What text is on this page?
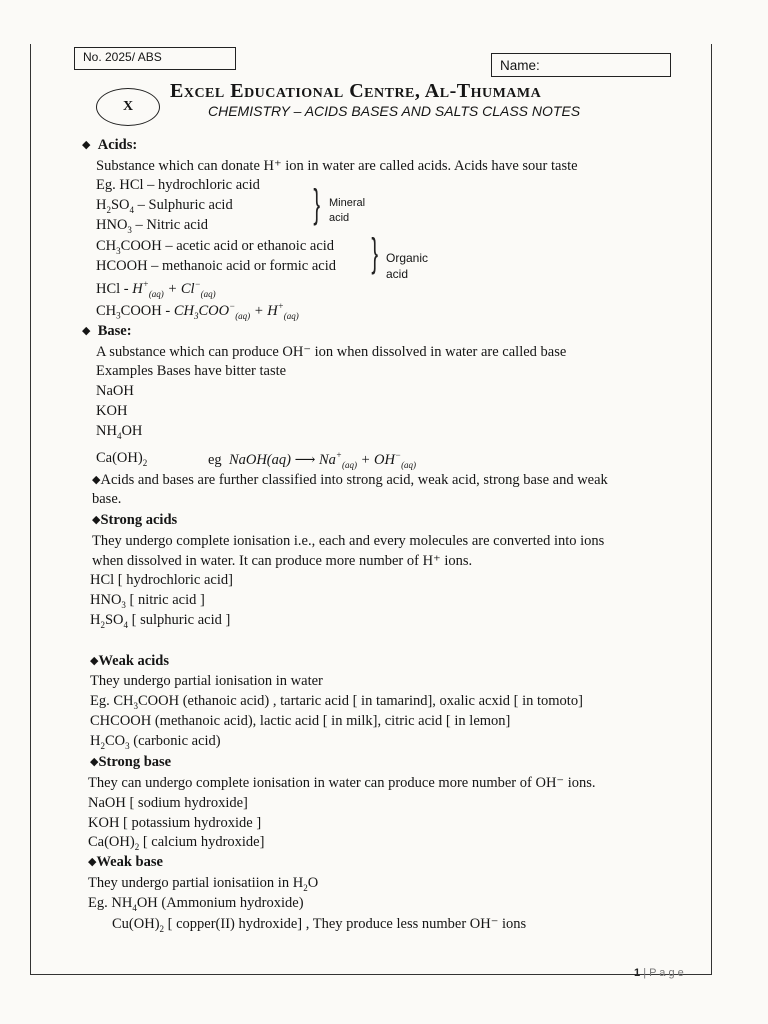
No. 2025/ ABS
Name:
X
Excel Educational Centre, Al-Thumama
CHEMISTRY – ACIDS BASES AND SALTS CLASS NOTES
◆ Acids:
Substance which can donate H⁺ ion in water are called acids. Acids have sour taste
Eg. HCl – hydrochloric acid
$H_2SO_4$ – Sulphuric acid
$HNO_3$ – Nitric acid	} Mineral
acid
$CH_3COOH$ – acetic acid or ethanoic acid
HCOOH – methanoic acid or formic acid } Organic
acid
HCl - $H^+_{(aq)} + Cl^-_{(aq)}$
$CH_3COOH - CH_3COO^-_{(aq)} + H^+_{(aq)}$
◆ Base:
A substance which can produce OH⁻ ion when dissolved in water are called base
Examples Bases have bitter taste
NaOH
KOH
$NH_4OH$
$Ca(OH)_2$	eg NaOH(aq) ⟶ $Na^+_{(aq)} + OH^-_{(aq)}$
◆Acids and bases are further classified into strong acid, weak acid, strong base and weak
base.
◆Strong acids
They undergo complete ionisation i.e., each and every molecules are converted into ions
when dissolved in water. It can produce more number of H⁺ ions.
HCl [ hydrochloric acid]
$HNO_3$ [ nitric acid ]
$H_2SO_4$ [ sulphuric acid ]
◆Weak acids
They undergo partial ionisation in water
Eg. $CH_3COOH$ (ethanoic acid) , tartaric acid [ in tamarind], oxalic acxid [ in tomoto]
CHCOOH (methanoic acid), lactic acid [ in milk], citric acid [ in lemon]
$H_2CO_3$ (carbonic acid)
◆Strong base
They can undergo complete ionisation in water can produce more number of OH⁻ ions.
NaOH [ sodium hydroxide]
KOH [ potassium hydroxide ]
$Ca(OH)_2$ [ calcium hydroxide]
◆Weak base
They undergo partial ionisatiion in $H_2O$
Eg. $NH_4OH$ (Ammonium hydroxide)
$Cu(OH)_2$ [ copper(II) hydroxide] , They produce less number OH⁻ ions
1 | P a g e
